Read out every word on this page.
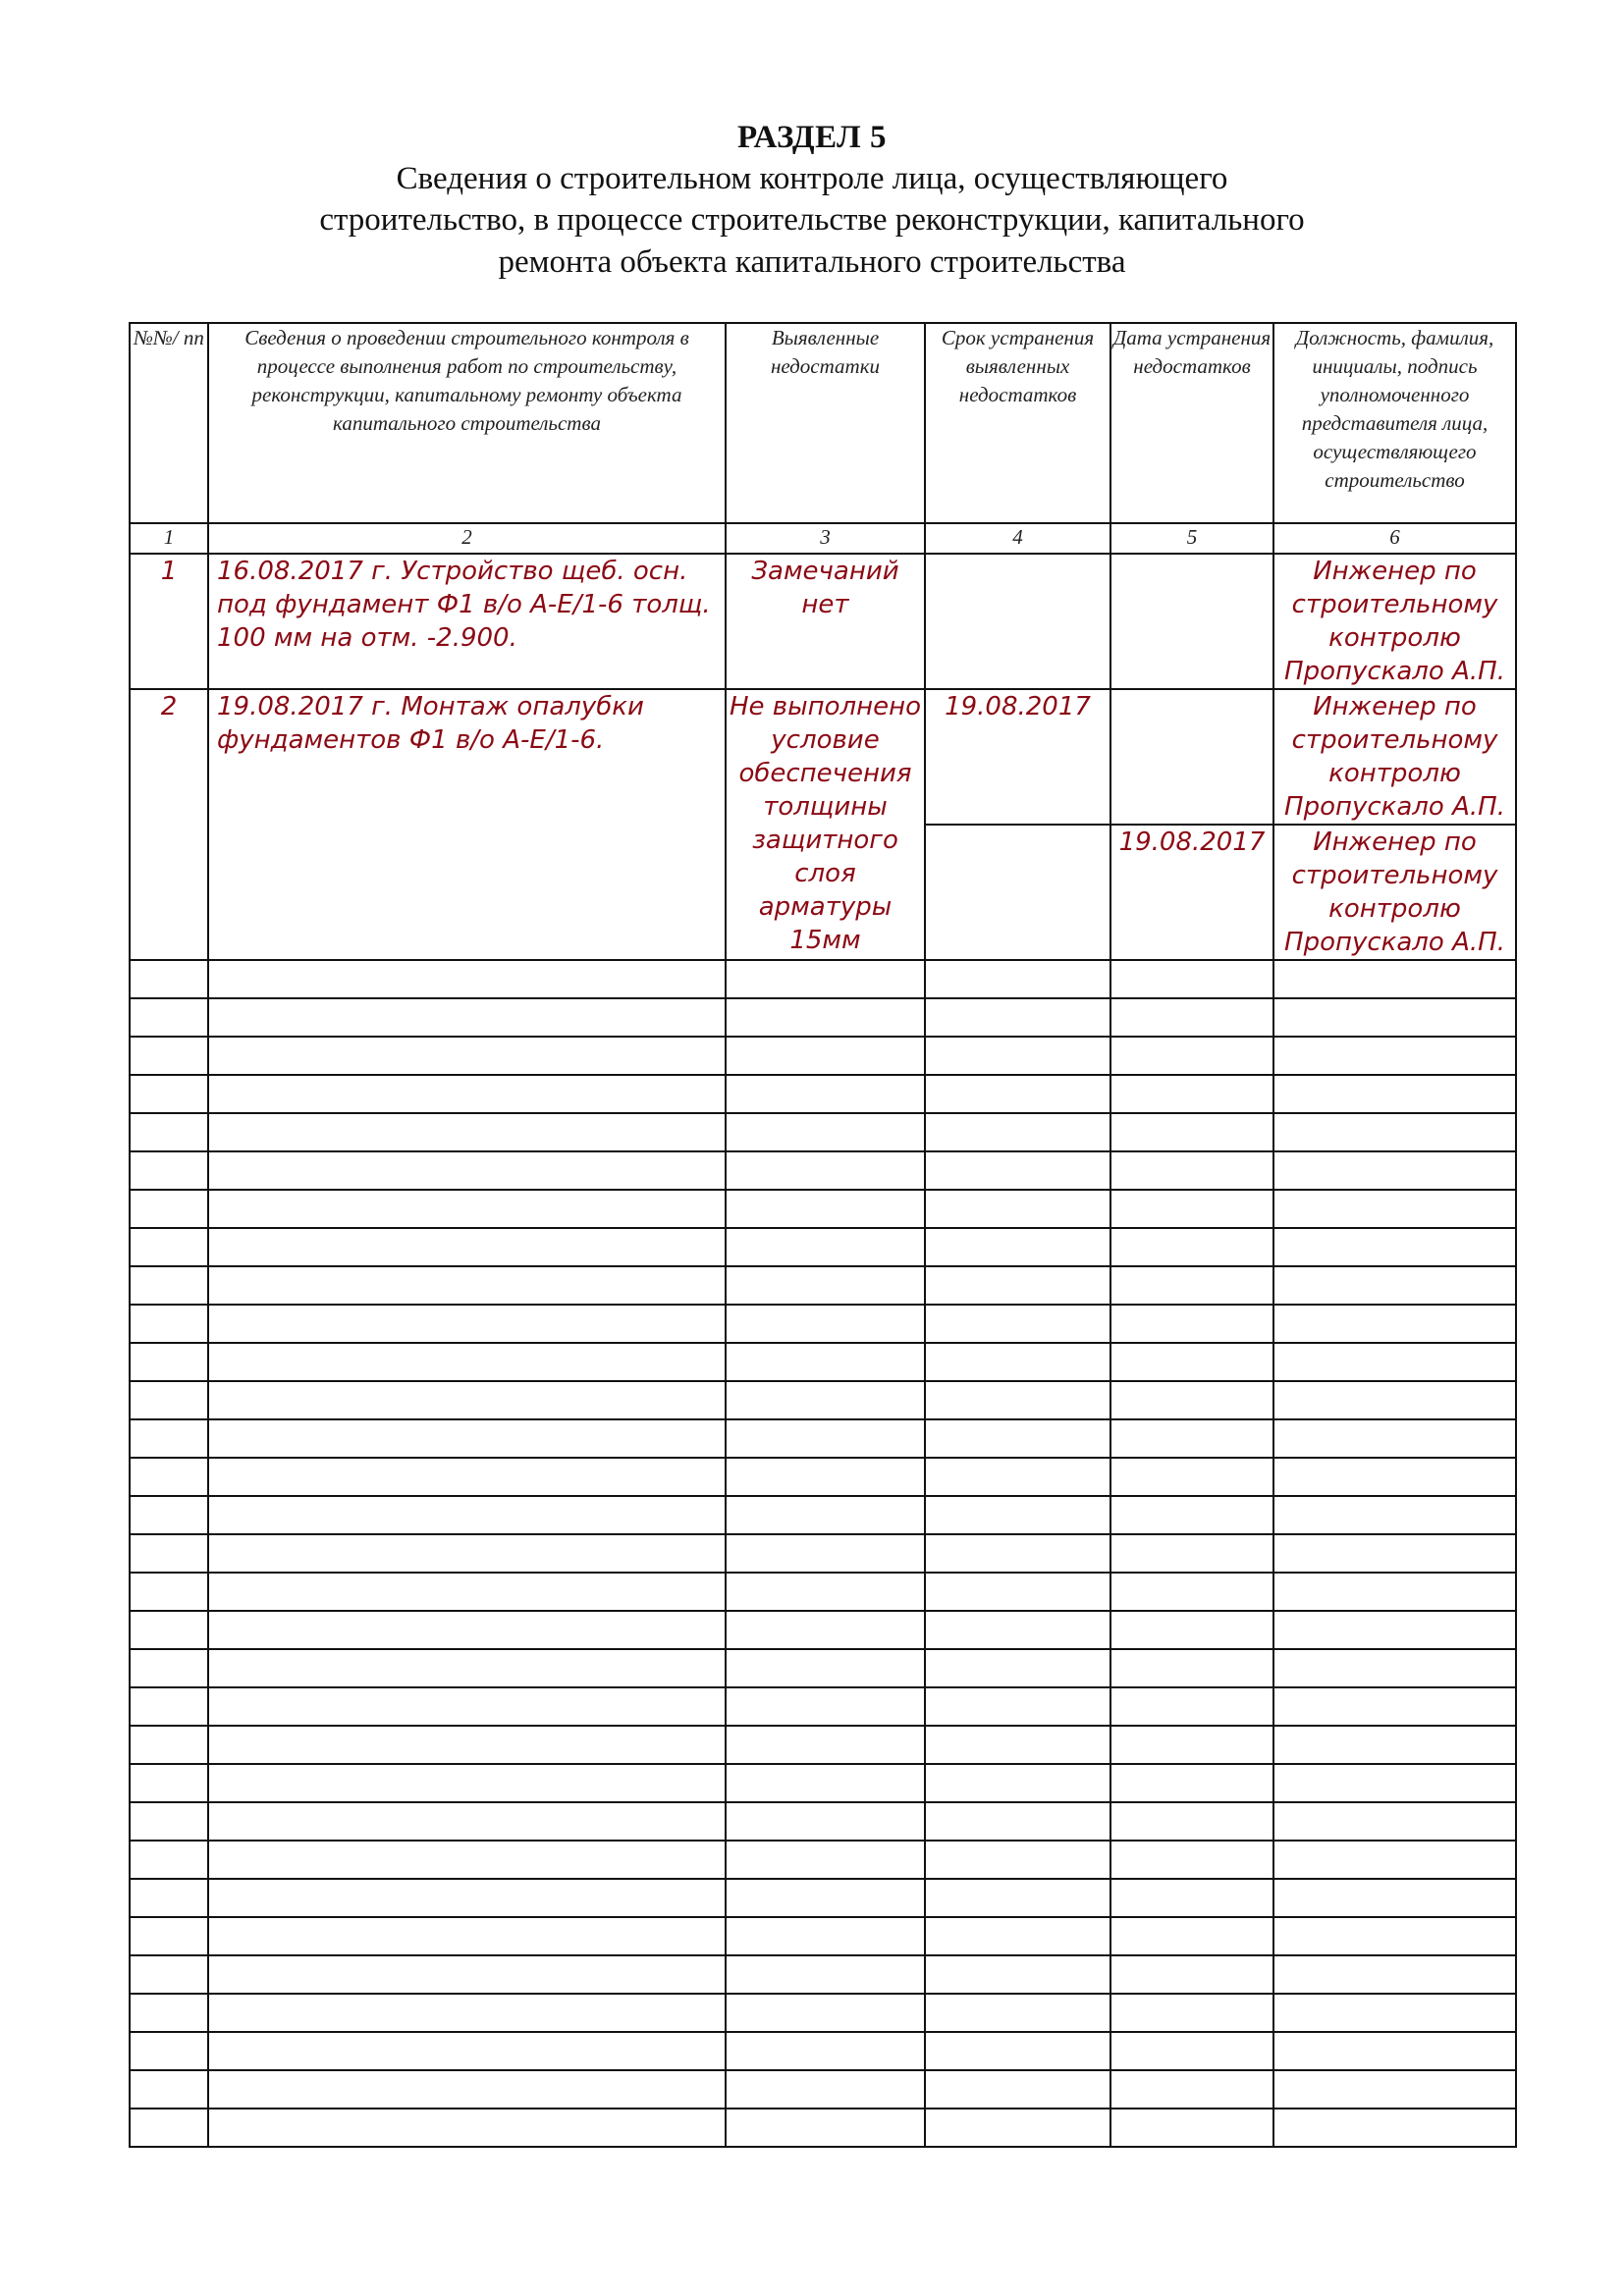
РАЗДЕЛ 5
Сведения о строительном контроле лица, осуществляющего
строительство, в процессе строительстве реконструкции, капитального
ремонта объекта капитального строительства
№№/ пп	Сведения о проведении строительного контроля в процессе выполнения работ по строительству, реконструкции, капитальному ремонту объекта капитального строительства	Выявленные недостатки	Срок устранения выявленных недостатков	Дата устранения недостатков	Должность, фамилия, инициалы, подпись уполномоченного представителя лица, осуществляющего строительство
1	2	3	4	5	6
1	16.08.2017 г. Устройство щеб. осн. под фундамент Ф1 в/о А-Е/1-6 толщ. 100 мм на отм. -2.900.	Замечаний нет			Инженер по строительному контролю Пропускало А.П.
2	19.08.2017 г. Монтаж опалубки фундаментов Ф1 в/о А-Е/1-6.	Не выполнено условие обеспечения толщины защитного слоя арматуры 15мм	19.08.2017		Инженер по строительному контролю Пропускало А.П.
				19.08.2017	Инженер по строительному контролю Пропускало А.П.
